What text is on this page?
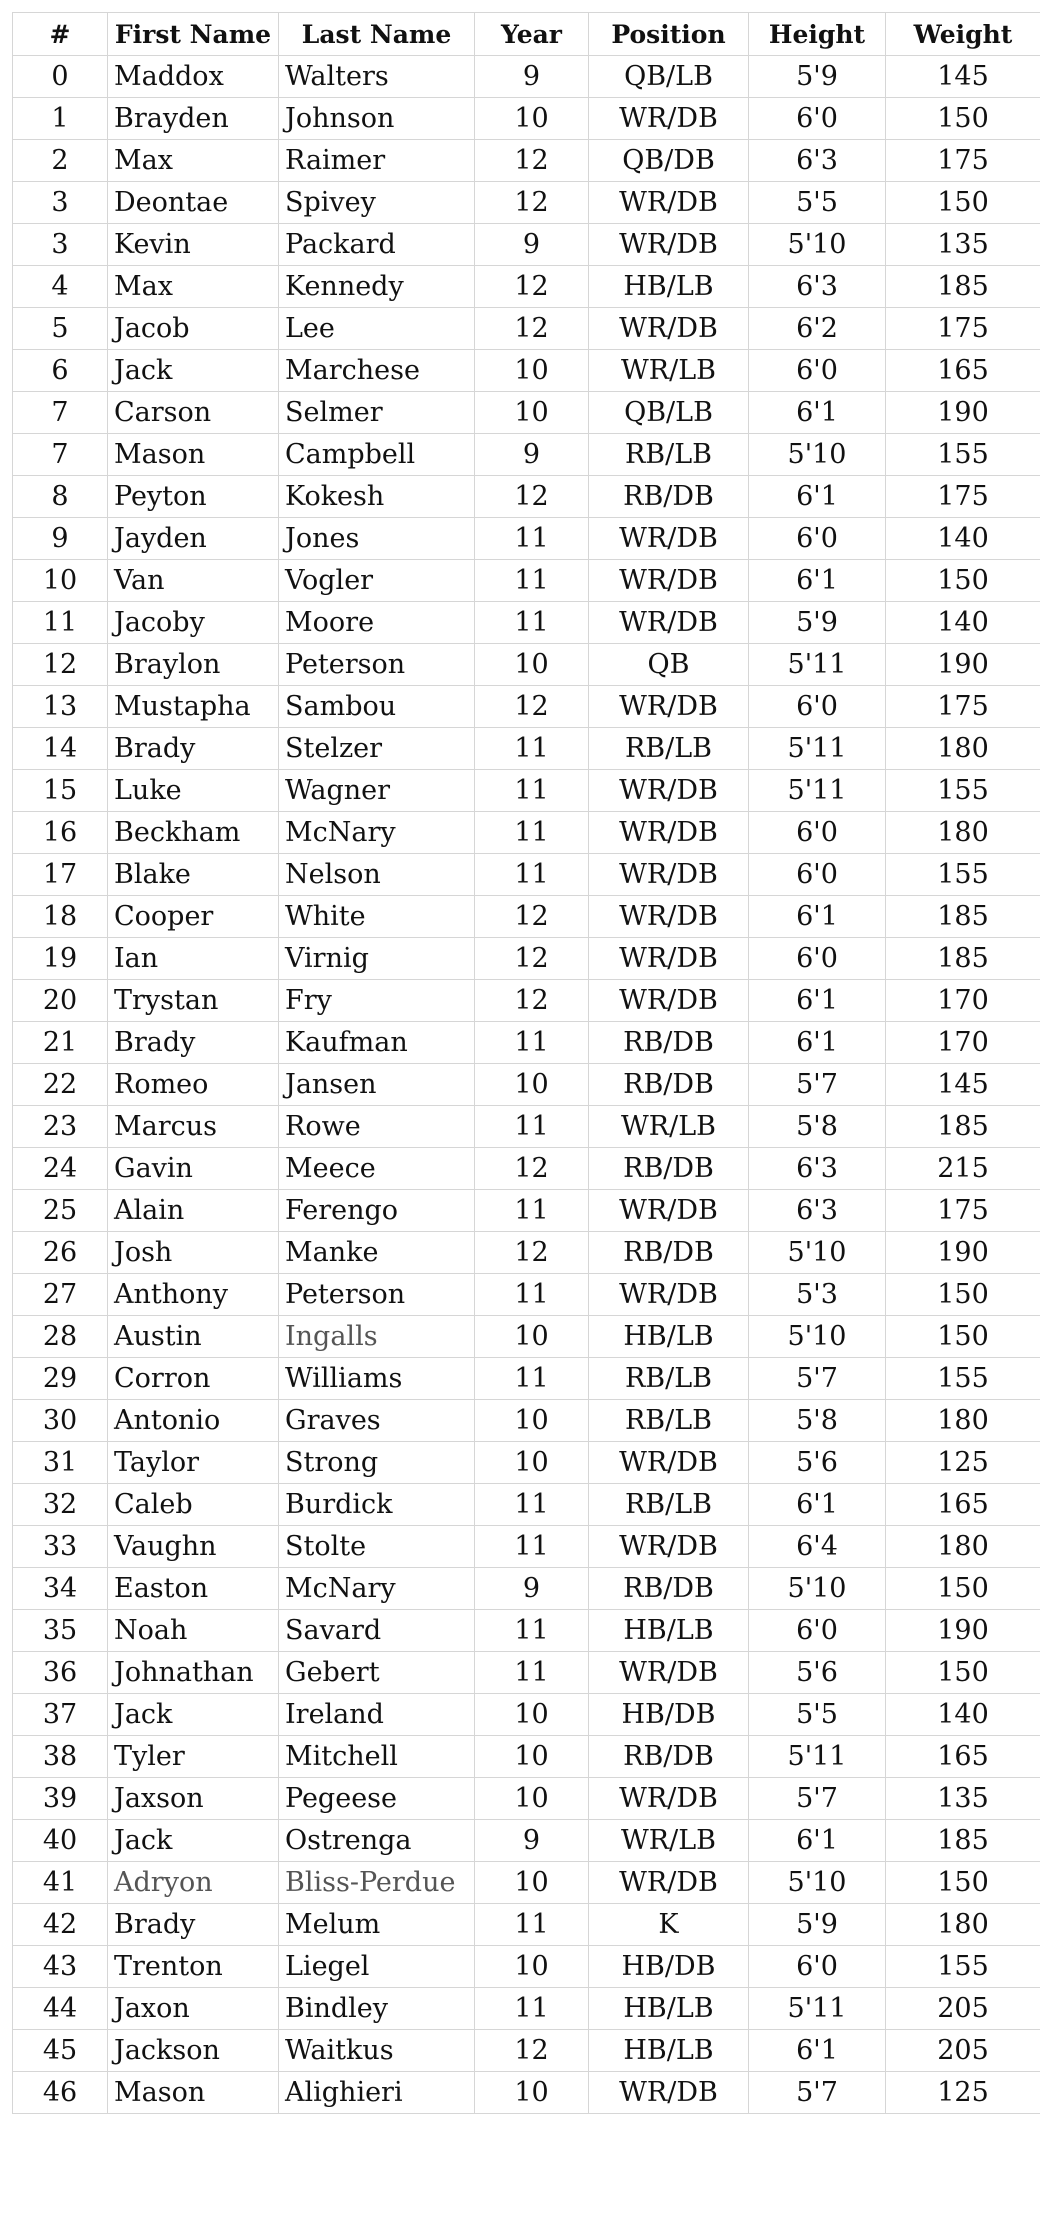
#	First Name	Last Name	Year	Position	Height	Weight
0	Maddox	Walters	9	QB/LB	5'9	145
1	Brayden	Johnson	10	WR/DB	6'0	150
2	Max	Raimer	12	QB/DB	6'3	175
3	Deontae	Spivey	12	WR/DB	5'5	150
3	Kevin	Packard	9	WR/DB	5'10	135
4	Max	Kennedy	12	HB/LB	6'3	185
5	Jacob	Lee	12	WR/DB	6'2	175
6	Jack	Marchese	10	WR/LB	6'0	165
7	Carson	Selmer	10	QB/LB	6'1	190
7	Mason	Campbell	9	RB/LB	5'10	155
8	Peyton	Kokesh	12	RB/DB	6'1	175
9	Jayden	Jones	11	WR/DB	6'0	140
10	Van	Vogler	11	WR/DB	6'1	150
11	Jacoby	Moore	11	WR/DB	5'9	140
12	Braylon	Peterson	10	QB	5'11	190
13	Mustapha	Sambou	12	WR/DB	6'0	175
14	Brady	Stelzer	11	RB/LB	5'11	180
15	Luke	Wagner	11	WR/DB	5'11	155
16	Beckham	McNary	11	WR/DB	6'0	180
17	Blake	Nelson	11	WR/DB	6'0	155
18	Cooper	White	12	WR/DB	6'1	185
19	Ian	Virnig	12	WR/DB	6'0	185
20	Trystan	Fry	12	WR/DB	6'1	170
21	Brady	Kaufman	11	RB/DB	6'1	170
22	Romeo	Jansen	10	RB/DB	5'7	145
23	Marcus	Rowe	11	WR/LB	5'8	185
24	Gavin	Meece	12	RB/DB	6'3	215
25	Alain	Ferengo	11	WR/DB	6'3	175
26	Josh	Manke	12	RB/DB	5'10	190
27	Anthony	Peterson	11	WR/DB	5'3	150
28	Austin	Ingalls	10	HB/LB	5'10	150
29	Corron	Williams	11	RB/LB	5'7	155
30	Antonio	Graves	10	RB/LB	5'8	180
31	Taylor	Strong	10	WR/DB	5'6	125
32	Caleb	Burdick	11	RB/LB	6'1	165
33	Vaughn	Stolte	11	WR/DB	6'4	180
34	Easton	McNary	9	RB/DB	5'10	150
35	Noah	Savard	11	HB/LB	6'0	190
36	Johnathan	Gebert	11	WR/DB	5'6	150
37	Jack	Ireland	10	HB/DB	5'5	140
38	Tyler	Mitchell	10	RB/DB	5'11	165
39	Jaxson	Pegeese	10	WR/DB	5'7	135
40	Jack	Ostrenga	9	WR/LB	6'1	185
41	Adryon	Bliss-Perdue	10	WR/DB	5'10	150
42	Brady	Melum	11	K	5'9	180
43	Trenton	Liegel	10	HB/DB	6'0	155
44	Jaxon	Bindley	11	HB/LB	5'11	205
45	Jackson	Waitkus	12	HB/LB	6'1	205
46	Mason	Alighieri	10	WR/DB	5'7	125
